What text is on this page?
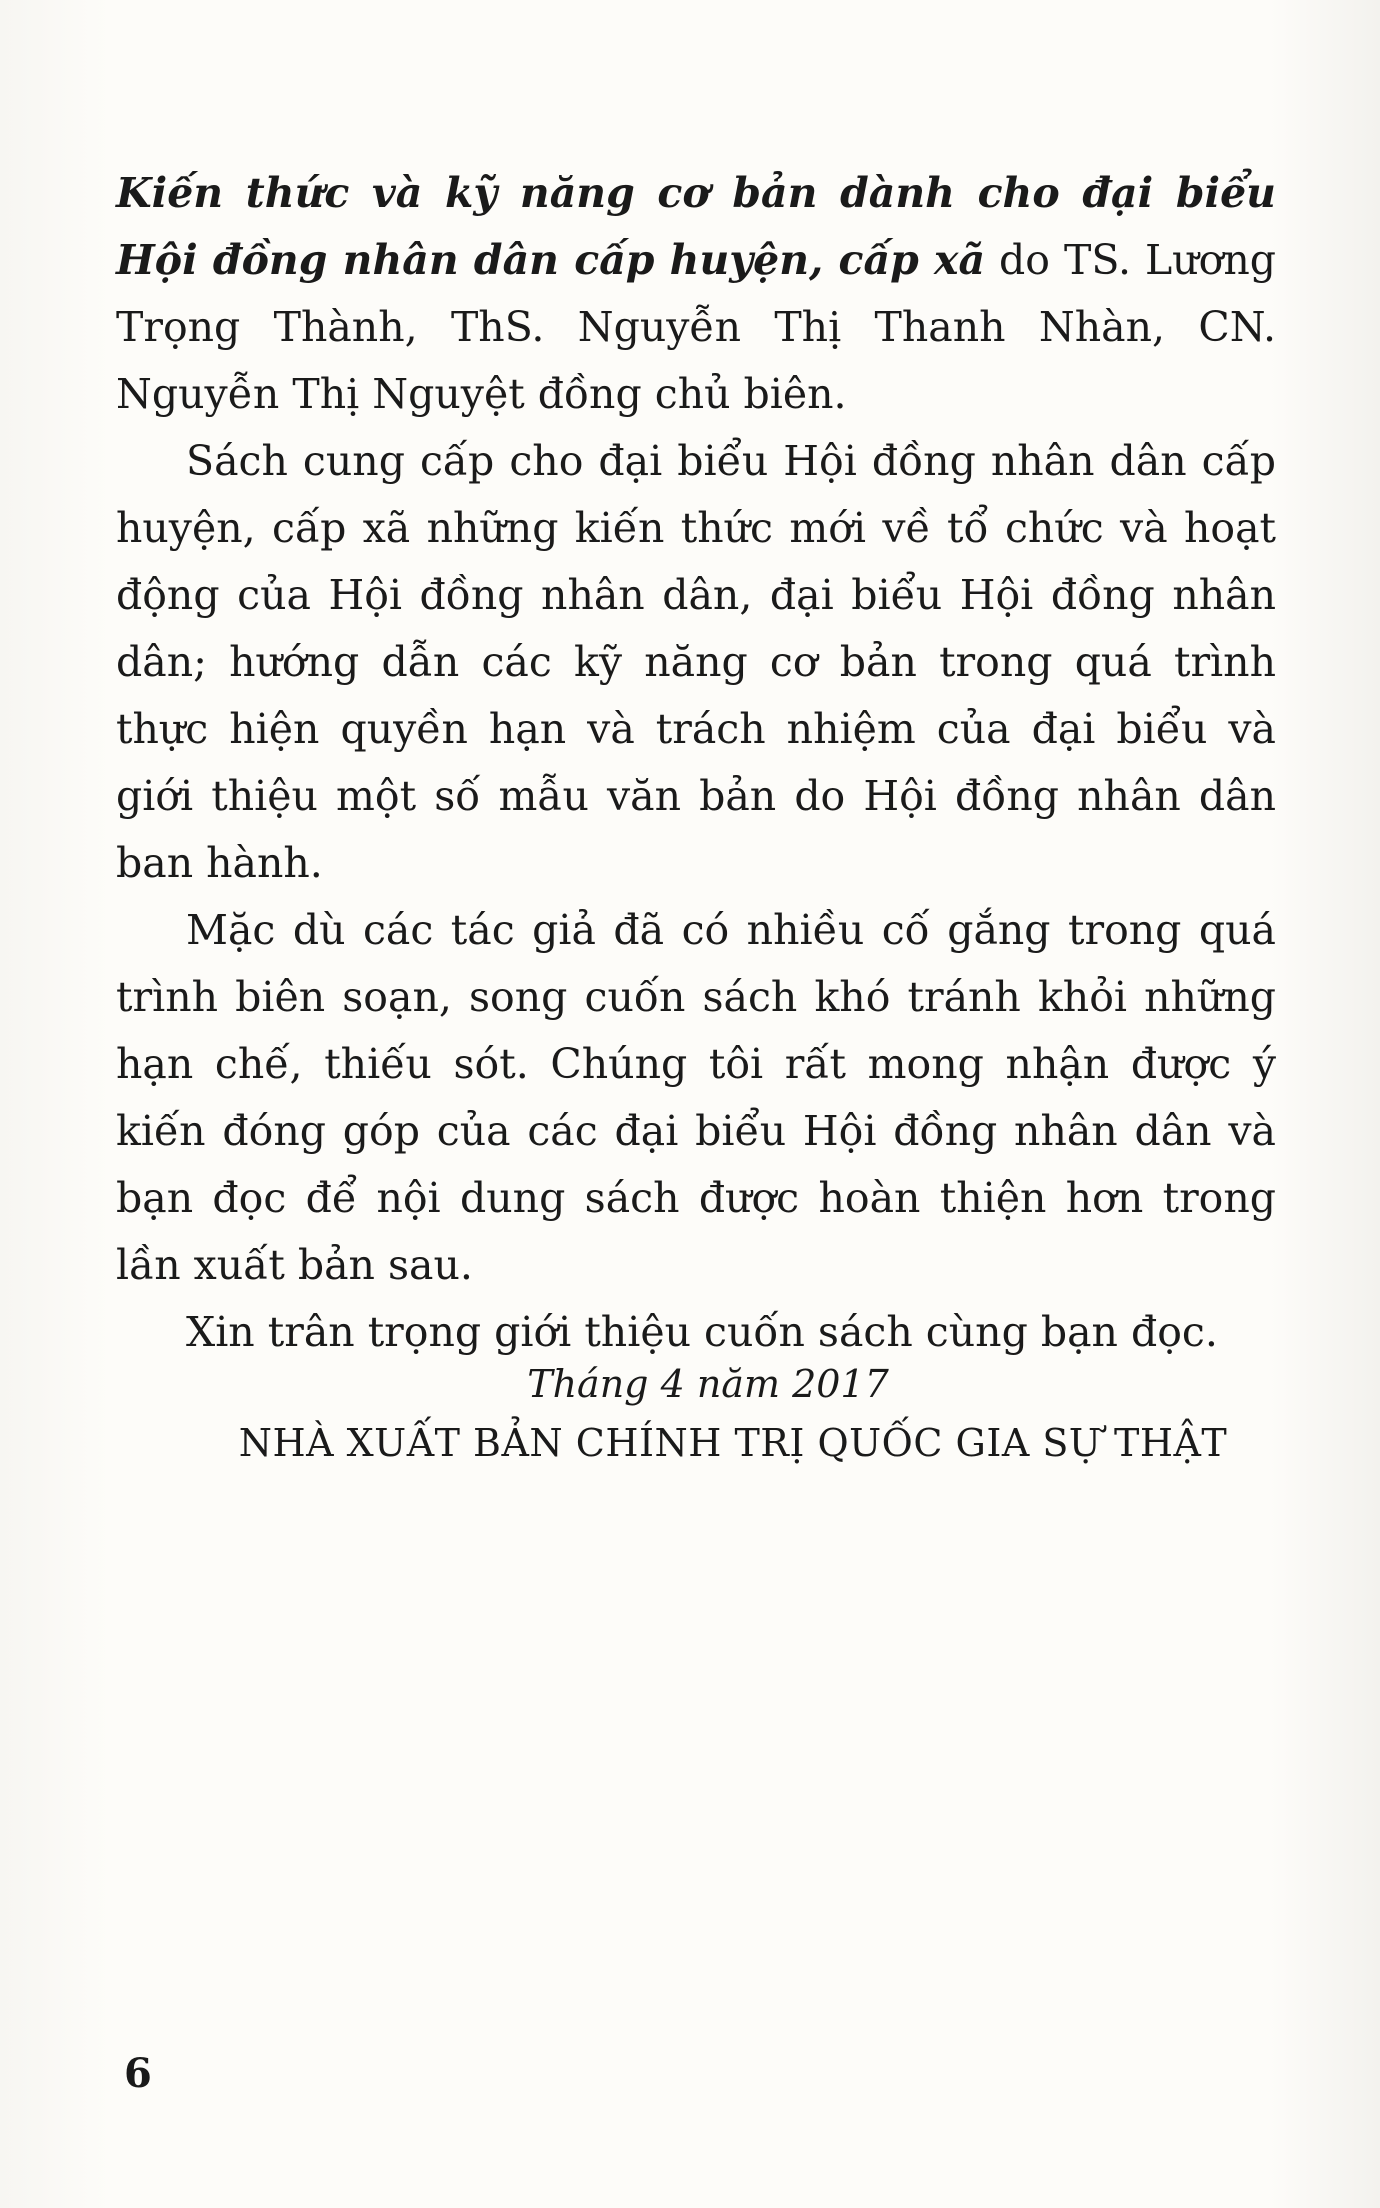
Kiến thức và kỹ năng cơ bản dành cho đại biểu Hội đồng nhân dân cấp huyện, cấp xã do TS. Lương Trọng Thành, ThS. Nguyễn Thị Thanh Nhàn, CN. Nguyễn Thị Nguyệt đồng chủ biên.

Sách cung cấp cho đại biểu Hội đồng nhân dân cấp huyện, cấp xã những kiến thức mới về tổ chức và hoạt động của Hội đồng nhân dân, đại biểu Hội đồng nhân dân; hướng dẫn các kỹ năng cơ bản trong quá trình thực hiện quyền hạn và trách nhiệm của đại biểu và giới thiệu một số mẫu văn bản do Hội đồng nhân dân ban hành.

Mặc dù các tác giả đã có nhiều cố gắng trong quá trình biên soạn, song cuốn sách khó tránh khỏi những hạn chế, thiếu sót. Chúng tôi rất mong nhận được ý kiến đóng góp của các đại biểu Hội đồng nhân dân và bạn đọc để nội dung sách được hoàn thiện hơn trong lần xuất bản sau.

Xin trân trọng giới thiệu cuốn sách cùng bạn đọc.

Tháng 4 năm 2017
NHÀ XUẤT BẢN CHÍNH TRỊ QUỐC GIA SỰ THẬT
6
